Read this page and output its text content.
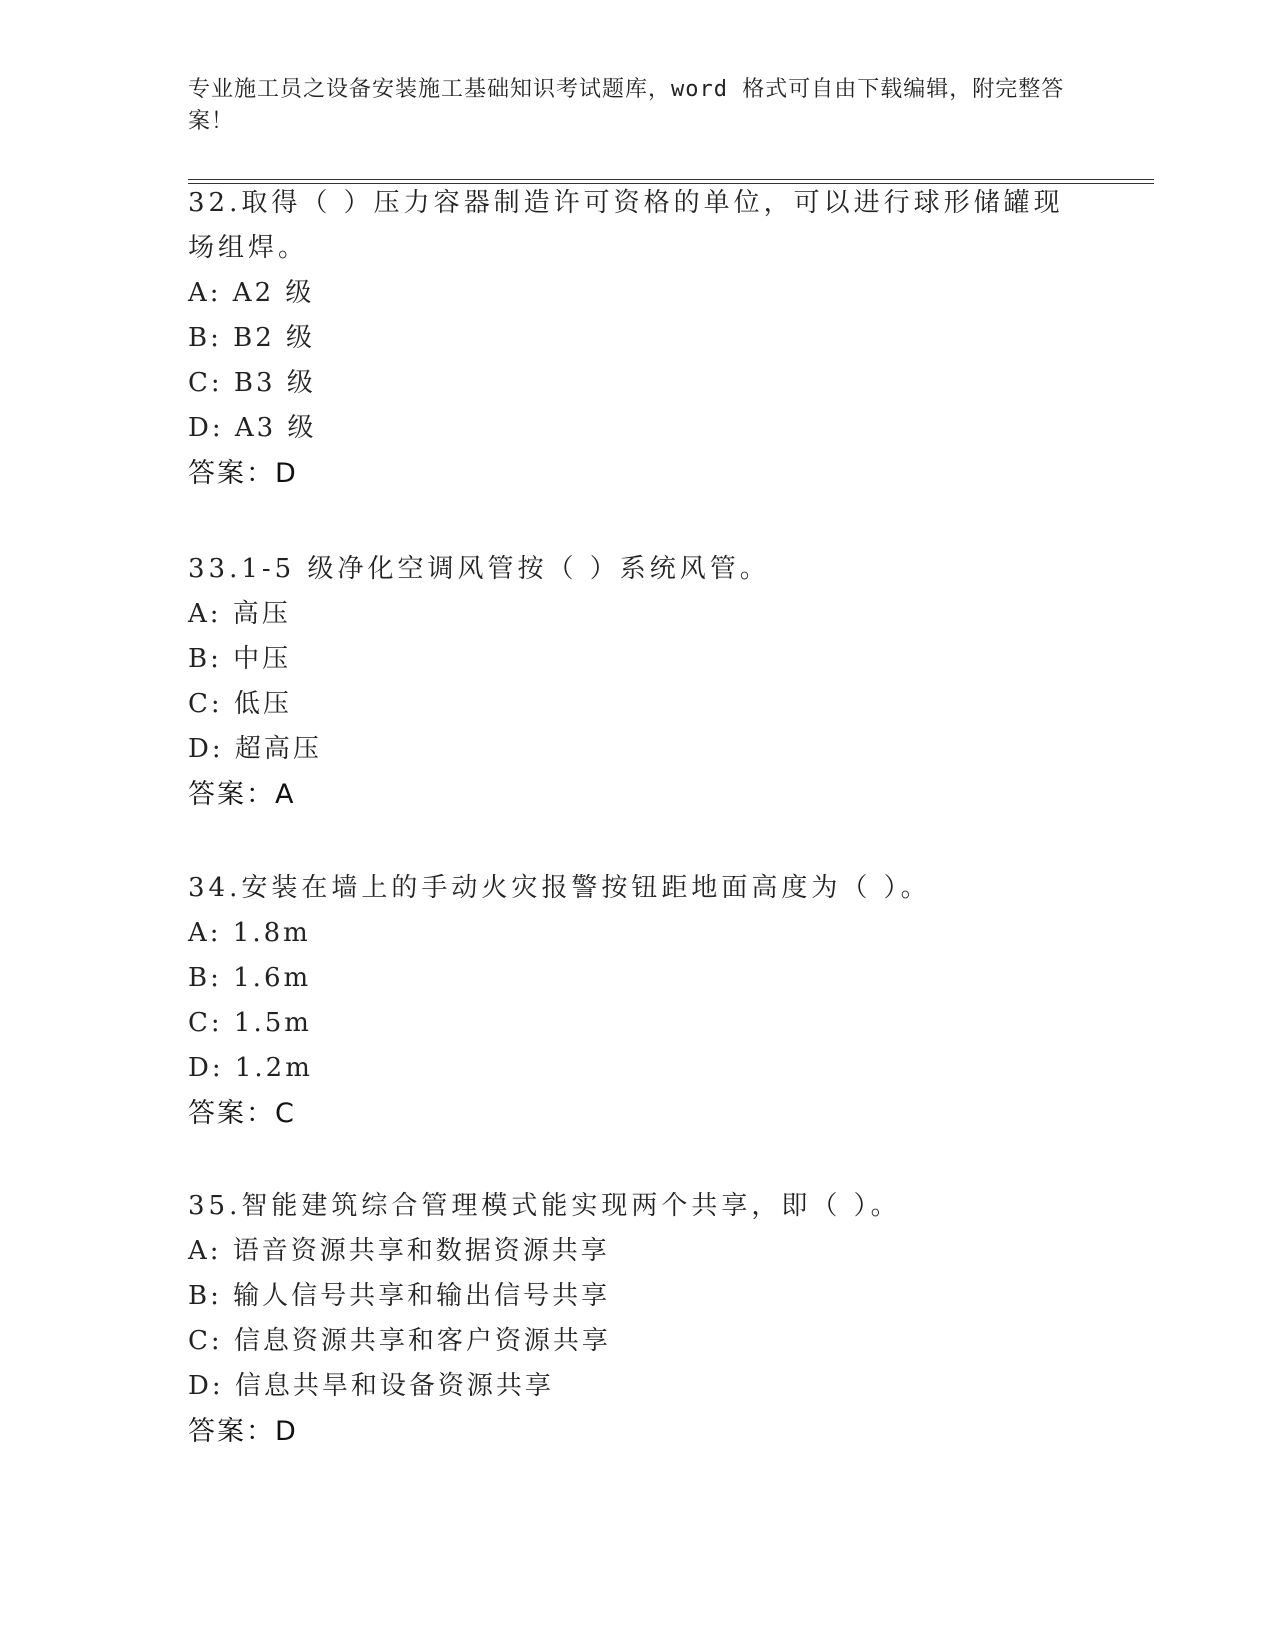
专业施工员之设备安装施工基础知识考试题库，word 格式可自由下载编辑，附完整答案！

32.取得（ ）压力容器制造许可资格的单位，可以进行球形储罐现场组焊。

A: A2 级

B: B2 级

C: B3 级

D: A3 级

答案：D

33.1-5 级净化空调风管按（ ）系统风管。

A: 高压

B: 中压

C: 低压

D: 超高压

答案：A

34.安装在墙上的手动火灾报警按钮距地面高度为（ ）。

A: 1.8m

B: 1.6m

C: 1.5m

D: 1.2m

答案：C

35.智能建筑综合管理模式能实现两个共享，即（ ）。

A: 语音资源共享和数据资源共享

B: 输人信号共享和输出信号共享

C: 信息资源共享和客户资源共享

D: 信息共旱和设备资源共享

答案：D
